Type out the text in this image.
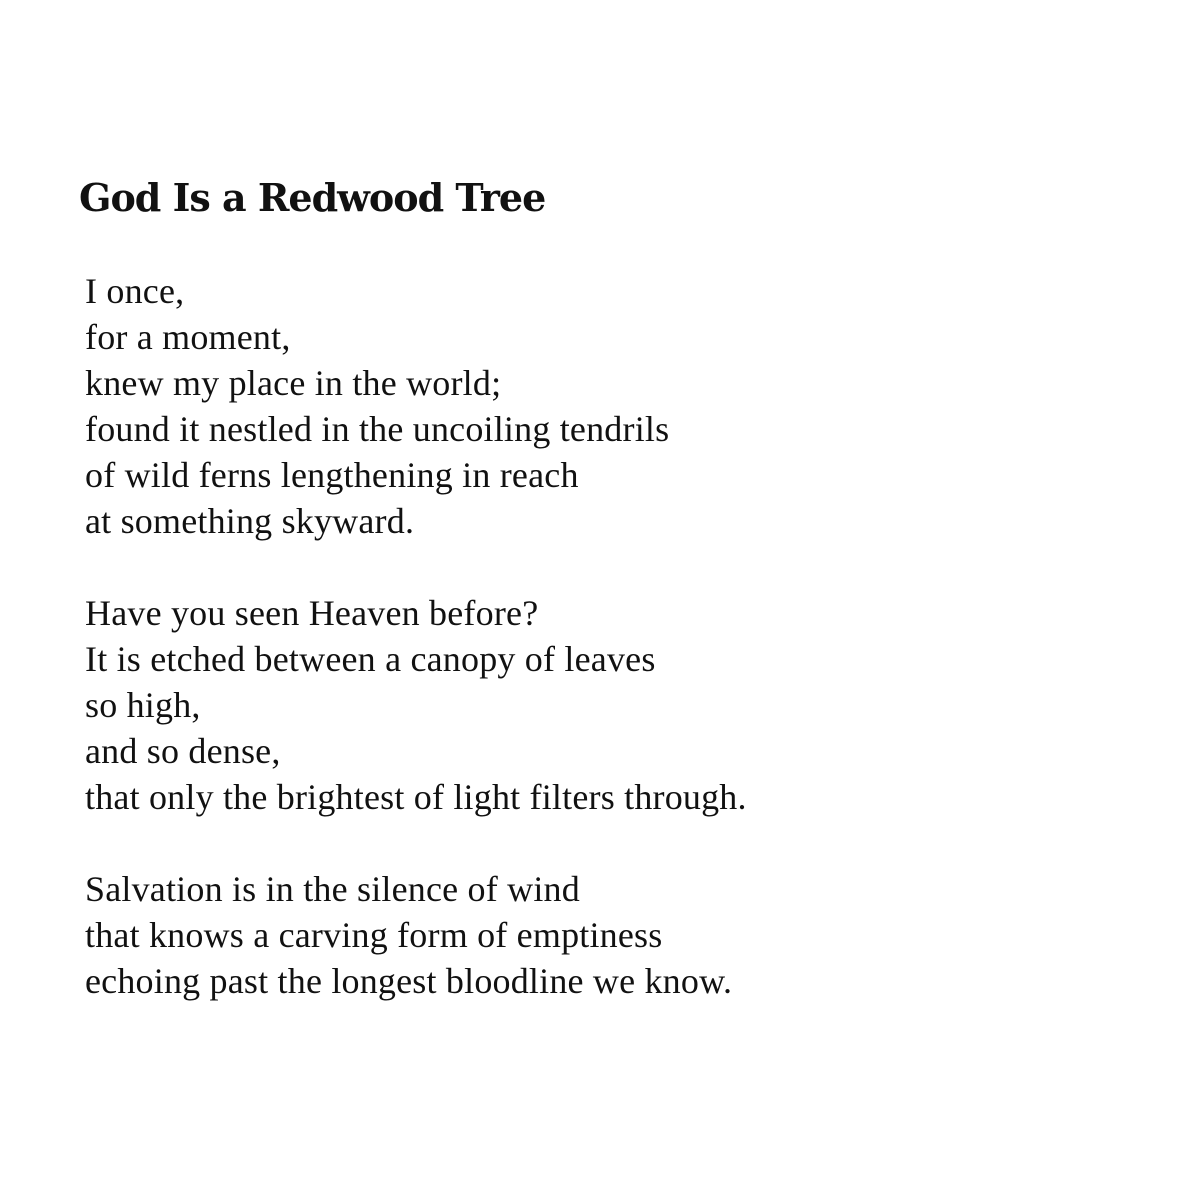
God Is a Redwood Tree
I once,
for a moment,
knew my place in the world;
found it nestled in the uncoiling tendrils
of wild ferns lengthening in reach
at something skyward.
Have you seen Heaven before?
It is etched between a canopy of leaves
so high,
and so dense,
that only the brightest of light filters through.
Salvation is in the silence of wind
that knows a carving form of emptiness
echoing past the longest bloodline we know.
